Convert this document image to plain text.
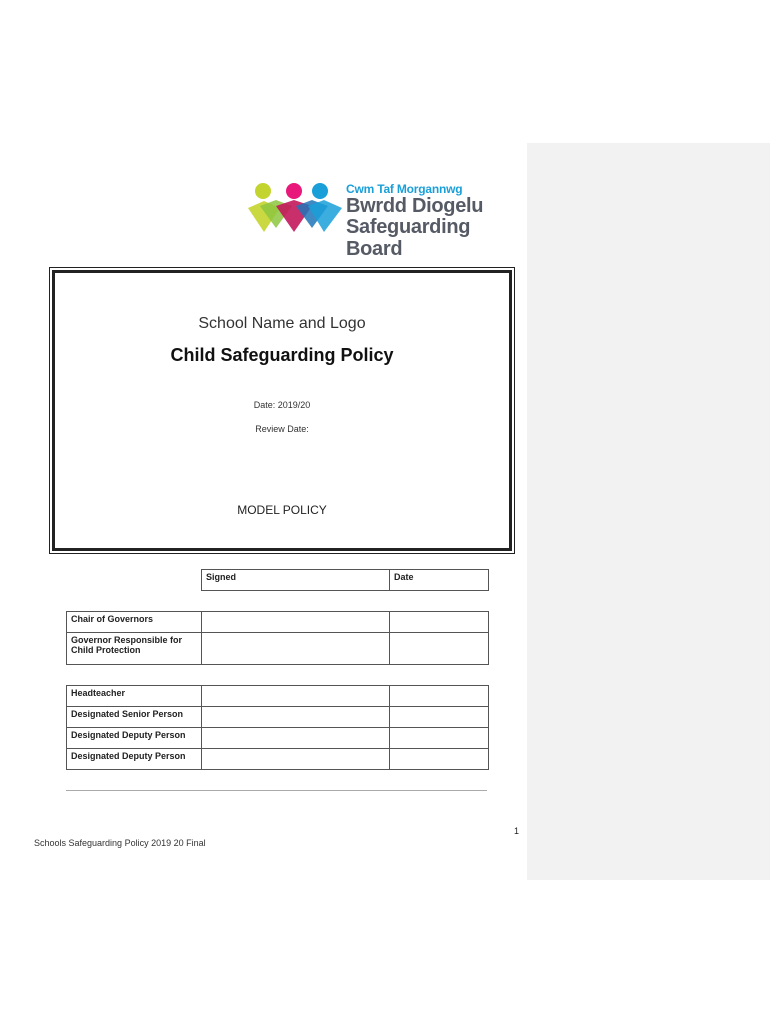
Cwm Taf Morgannwg
Bwrdd Diogelu
Safeguarding Board
School Name and Logo
Child Safeguarding Policy
Date: 2019/20
Review Date:
MODEL POLICY
Signed	Date
Chair of Governors		
Governor Responsible for Child Protection		
Headteacher		
Designated Senior Person		
Designated Deputy Person		
Designated Deputy Person		
1
Schools Safeguarding Policy 2019 20 Final
